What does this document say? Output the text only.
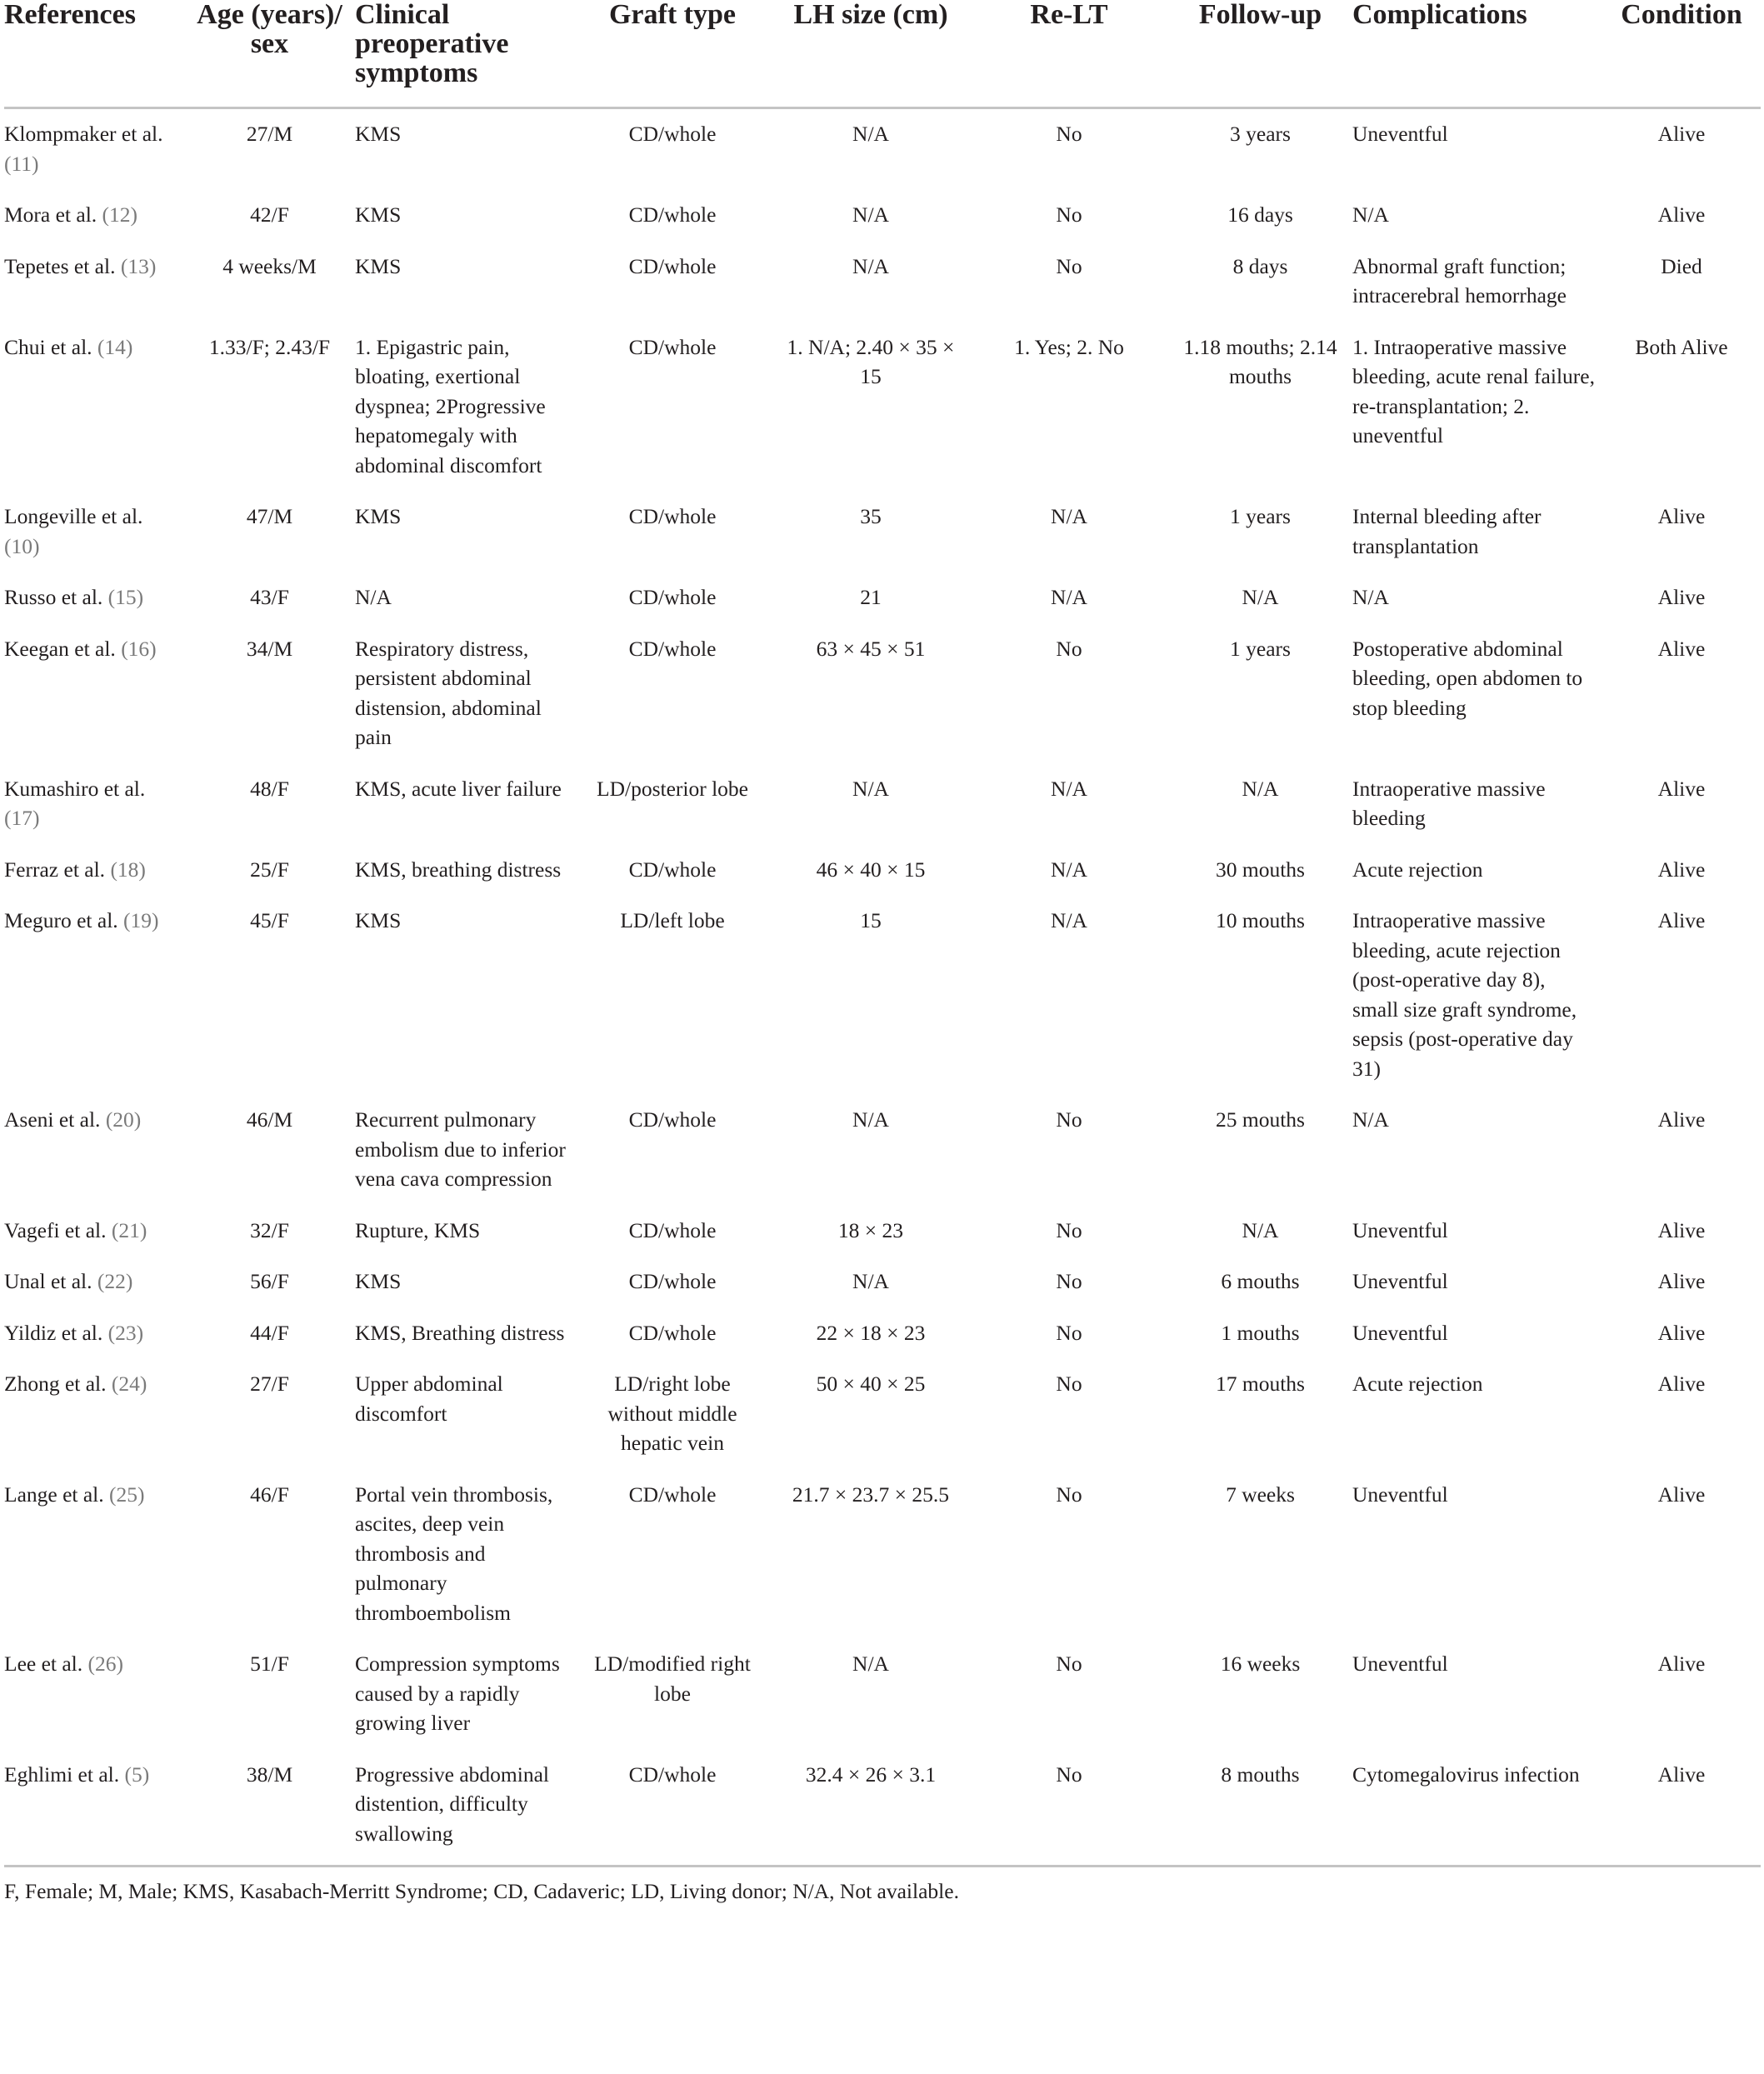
References	Age (years)/ sex	Clinical preoperative symptoms	Graft type	LH size (cm)	Re-LT	Follow-up	Complications	Condition
Klompmaker et al. (11)	27/M	KMS	CD/whole	N/A	No	3 years	Uneventful	Alive
Mora et al. (12)	42/F	KMS	CD/whole	N/A	No	16 days	N/A	Alive
Tepetes et al. (13)	4 weeks/M	KMS	CD/whole	N/A	No	8 days	Abnormal graft function; intracerebral hemorrhage	Died
Chui et al. (14)	1.33/F; 2.43/F	1. Epigastric pain, bloating, exertional dyspnea; 2Progressive hepatomegaly with abdominal discomfort	CD/whole	1. N/A; 2.40 × 35 × 15	1. Yes; 2. No	1.18 mouths; 2.14 mouths	1. Intraoperative massive bleeding, acute renal failure, re-transplantation; 2. uneventful	Both Alive
Longeville et al. (10)	47/M	KMS	CD/whole	35	N/A	1 years	Internal bleeding after transplantation	Alive
Russo et al. (15)	43/F	N/A	CD/whole	21	N/A	N/A	N/A	Alive
Keegan et al. (16)	34/M	Respiratory distress, persistent abdominal distension, abdominal pain	CD/whole	63 × 45 × 51	No	1 years	Postoperative abdominal bleeding, open abdomen to stop bleeding	Alive
Kumashiro et al. (17)	48/F	KMS, acute liver failure	LD/posterior lobe	N/A	N/A	N/A	Intraoperative massive bleeding	Alive
Ferraz et al. (18)	25/F	KMS, breathing distress	CD/whole	46 × 40 × 15	N/A	30 mouths	Acute rejection	Alive
Meguro et al. (19)	45/F	KMS	LD/left lobe	15	N/A	10 mouths	Intraoperative massive bleeding, acute rejection (post-operative day 8), small size graft syndrome, sepsis (post-operative day 31)	Alive
Aseni et al. (20)	46/M	Recurrent pulmonary embolism due to inferior vena cava compression	CD/whole	N/A	No	25 mouths	N/A	Alive
Vagefi et al. (21)	32/F	Rupture, KMS	CD/whole	18 × 23	No	N/A	Uneventful	Alive
Unal et al. (22)	56/F	KMS	CD/whole	N/A	No	6 mouths	Uneventful	Alive
Yildiz et al. (23)	44/F	KMS, Breathing distress	CD/whole	22 × 18 × 23	No	1 mouths	Uneventful	Alive
Zhong et al. (24)	27/F	Upper abdominal discomfort	LD/right lobe without middle hepatic vein	50 × 40 × 25	No	17 mouths	Acute rejection	Alive
Lange et al. (25)	46/F	Portal vein thrombosis, ascites, deep vein thrombosis and pulmonary thromboembolism	CD/whole	21.7 × 23.7 × 25.5	No	7 weeks	Uneventful	Alive
Lee et al. (26)	51/F	Compression symptoms caused by a rapidly growing liver	LD/modified right lobe	N/A	No	16 weeks	Uneventful	Alive
Eghlimi et al. (5)	38/M	Progressive abdominal distention, difficulty swallowing	CD/whole	32.4 × 26 × 3.1	No	8 mouths	Cytomegalovirus infection	Alive
F, Female; M, Male; KMS, Kasabach-Merritt Syndrome; CD, Cadaveric; LD, Living donor; N/A, Not available.
